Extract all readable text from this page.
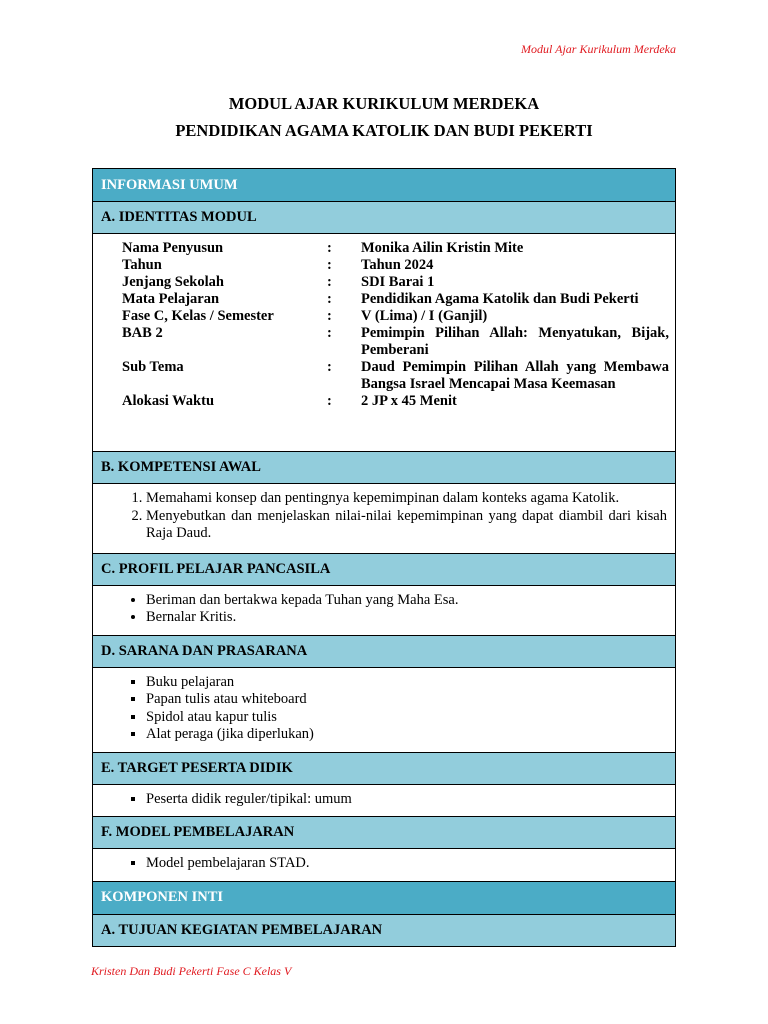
Modul Ajar Kurikulum Merdeka
MODUL AJAR KURIKULUM MERDEKA
PENDIDIKAN AGAMA KATOLIK DAN BUDI PEKERTI
INFORMASI UMUM
A. IDENTITAS MODUL

Nama Penyusun	:	Monika Ailin Kristin Mite
Tahun	:	Tahun 2024
Jenjang Sekolah	:	SDI Barai 1
Mata Pelajaran	:	Pendidikan Agama Katolik dan Budi Pekerti
Fase C, Kelas / Semester	:	V (Lima) / I (Ganjil)
BAB 2	:	Pemimpin Pilihan Allah: Menyatukan, Bijak, Pemberani
Sub Tema	:	Daud Pemimpin Pilihan Allah yang Membawa Bangsa Israel Mencapai Masa Keemasan
Alokasi Waktu	:	2 JP x 45 Menit

B. KOMPETENSI AWAL

1. Memahami konsep dan pentingnya kepemimpinan dalam konteks agama Katolik.
2. Menyebutkan dan menjelaskan nilai-nilai kepemimpinan yang dapat diambil dari kisah Raja Daud.

C. PROFIL PELAJAR PANCASILA

• Beriman dan bertakwa kepada Tuhan yang Maha Esa.
• Bernalar Kritis.

D. SARANA DAN PRASARANA

▪ Buku pelajaran
▪ Papan tulis atau whiteboard
▪ Spidol atau kapur tulis
▪ Alat peraga (jika diperlukan)

E. TARGET PESERTA DIDIK

▪ Peserta didik reguler/tipikal: umum

F. MODEL PEMBELAJARAN

▪ Model pembelajaran STAD.

KOMPONEN INTI
A. TUJUAN KEGIATAN PEMBELAJARAN
Kristen Dan Budi Pekerti Fase C Kelas V
